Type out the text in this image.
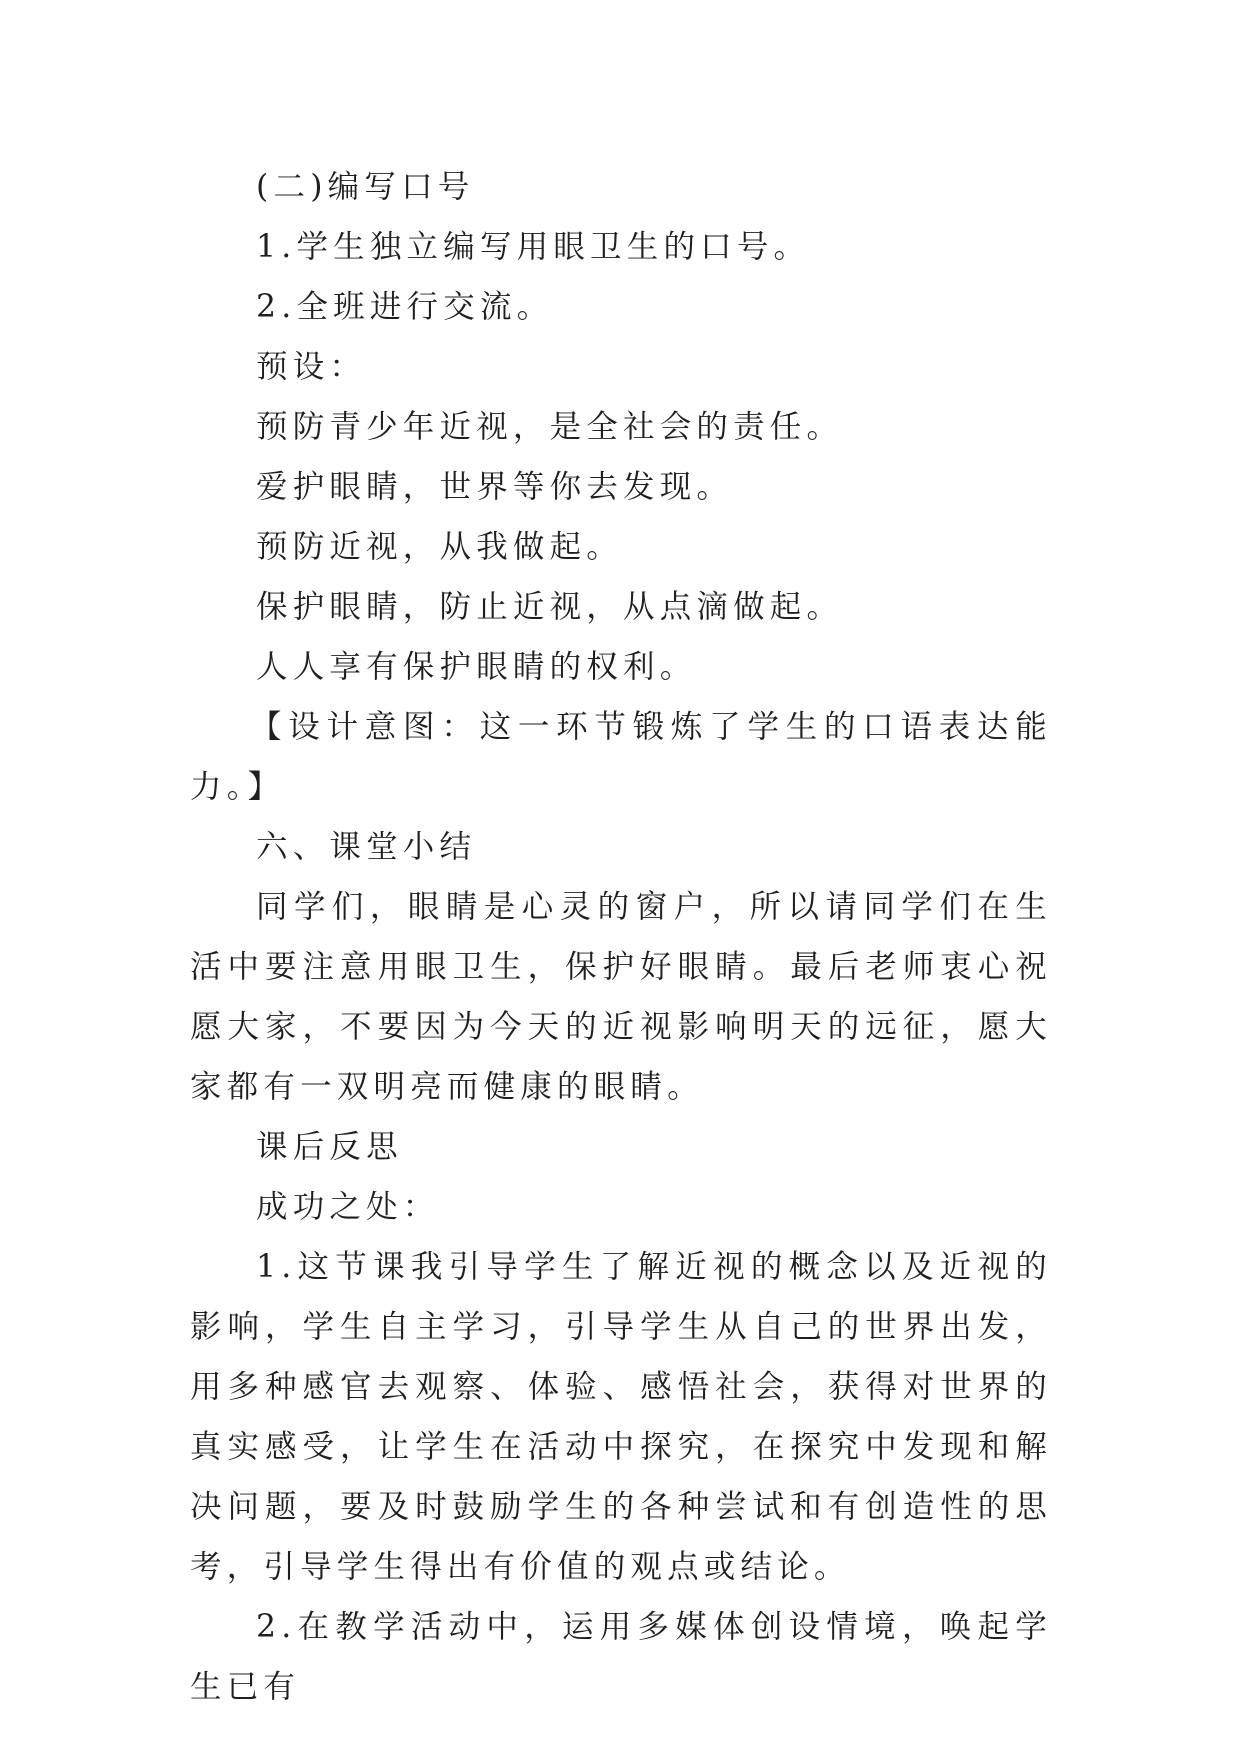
(二)编写口号

1.学生独立编写用眼卫生的口号。

2.全班进行交流。

预设：

预防青少年近视，是全社会的责任。

爱护眼睛，世界等你去发现。

预防近视，从我做起。

保护眼睛，防止近视，从点滴做起。

人人享有保护眼睛的权利。

【设计意图：这一环节锻炼了学生的口语表达能力。】

六、课堂小结

同学们，眼睛是心灵的窗户，所以请同学们在生活中要注意用眼卫生，保护好眼睛。最后老师衷心祝愿大家，不要因为今天的近视影响明天的远征，愿大家都有一双明亮而健康的眼睛。

课后反思

成功之处：

1.这节课我引导学生了解近视的概念以及近视的影响，学生自主学习，引导学生从自己的世界出发，用多种感官去观察、体验、感悟社会，获得对世界的真实感受，让学生在活动中探究，在探究中发现和解决问题，要及时鼓励学生的各种尝试和有创造性的思考，引导学生得出有价值的观点或结论。

2.在教学活动中，运用多媒体创设情境，唤起学生已有
